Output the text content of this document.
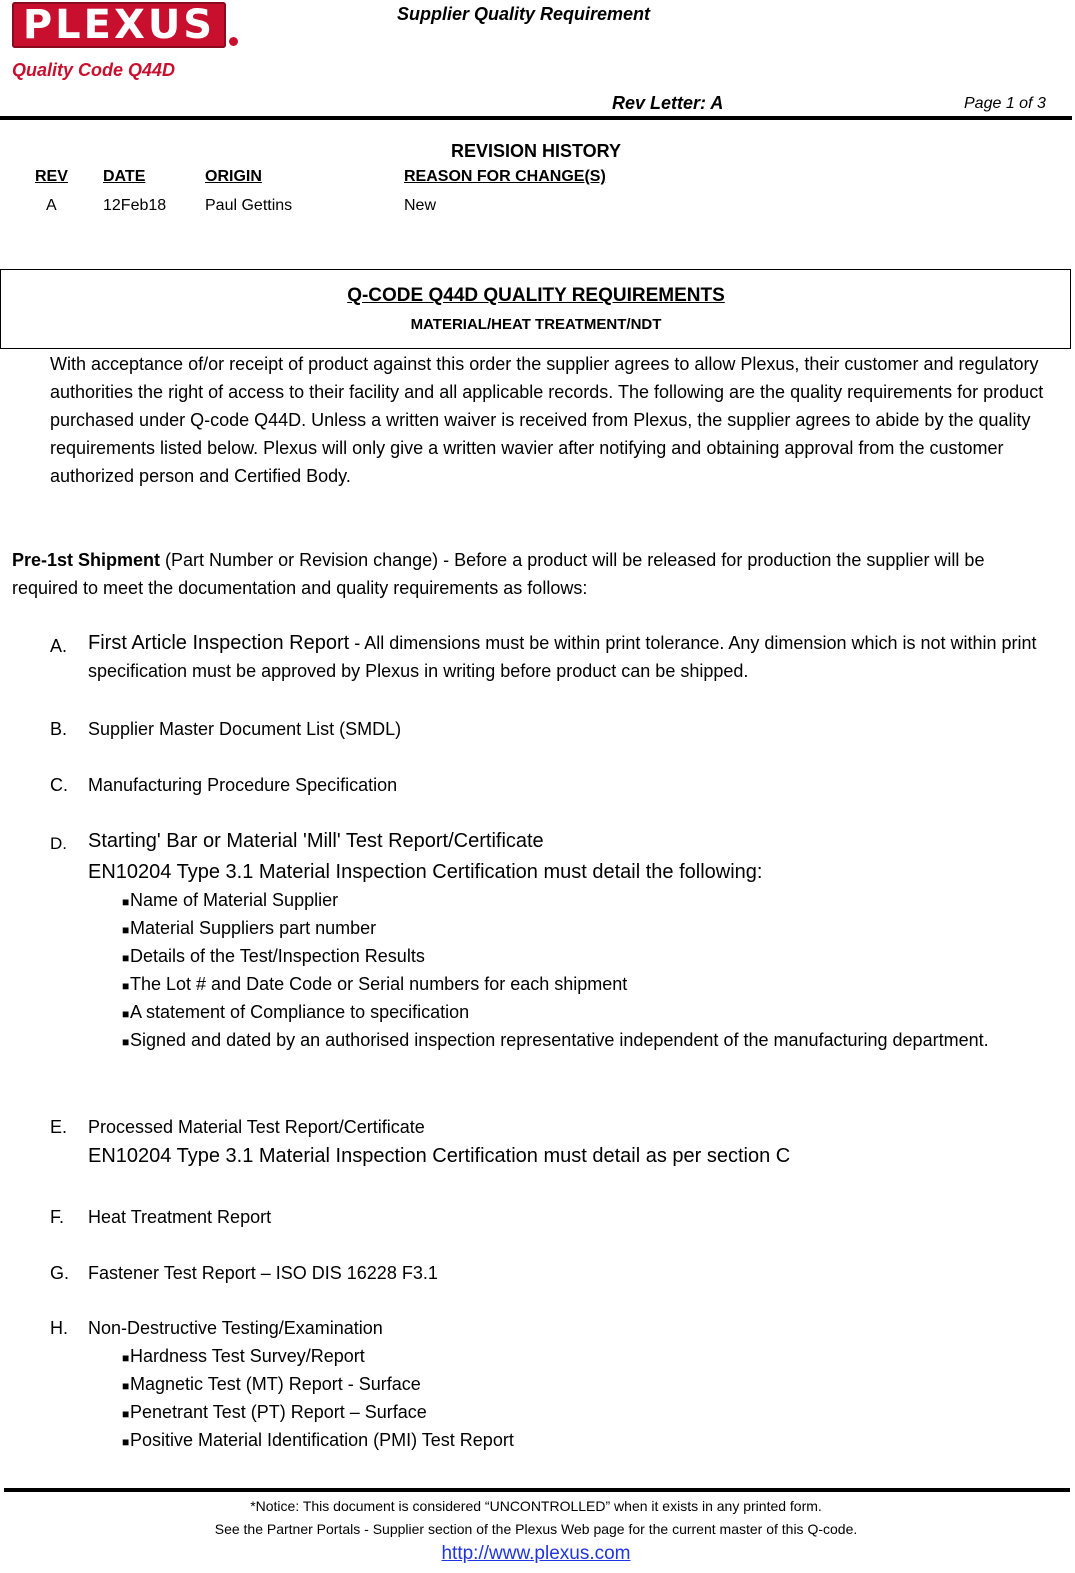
PLEXUS
Quality Code Q44D
Supplier Quality Requirement
Rev Letter: A	Page 1 of 3
REVISION HISTORY
REV DATE	ORIGIN	REASON FOR CHANGE(S)
A	12Feb18 Paul Gettins	New
Q-CODE Q44D QUALITY REQUIREMENTS
MATERIAL/HEAT TREATMENT/NDT
With acceptance of/or receipt of product against this order the supplier agrees to allow Plexus, their customer and regulatory authorities the right of access to their facility and all applicable records. The following are the quality requirements for product purchased under Q-code Q44D. Unless a written waiver is received from Plexus, the supplier agrees to abide by the quality requirements listed below. Plexus will only give a written wavier after notifying and obtaining approval from the customer authorized person and Certified Body.
Pre-1st Shipment (Part Number or Revision change) - Before a product will be released for production the supplier will be required to meet the documentation and quality requirements as follows:
A. First Article Inspection Report - All dimensions must be within print tolerance. Any dimension which is not within print specification must be approved by Plexus in writing before product can be shipped.
B. Supplier Master Document List (SMDL)
C. Manufacturing Procedure Specification
D. Starting' Bar or Material 'Mill' Test Report/Certificate
EN10204 Type 3.1 Material Inspection Certification must detail the following:
■ Name of Material Supplier
■ Material Suppliers part number
■ Details of the Test/Inspection Results
■ The Lot # and Date Code or Serial numbers for each shipment
■ A statement of Compliance to specification
■ Signed and dated by an authorised inspection representative independent of the manufacturing department.
E. Processed Material Test Report/Certificate
EN10204 Type 3.1 Material Inspection Certification must detail as per section C
F. Heat Treatment Report
G. Fastener Test Report – ISO DIS 16228 F3.1
H. Non-Destructive Testing/Examination
■ Hardness Test Survey/Report
■ Magnetic Test (MT) Report - Surface
■ Penetrant Test (PT) Report – Surface
■ Positive Material Identification (PMI) Test Report
*Notice: This document is considered “UNCONTROLLED” when it exists in any printed form.
See the Partner Portals - Supplier section of the Plexus Web page for the current master of this Q-code.
http://www.plexus.com
